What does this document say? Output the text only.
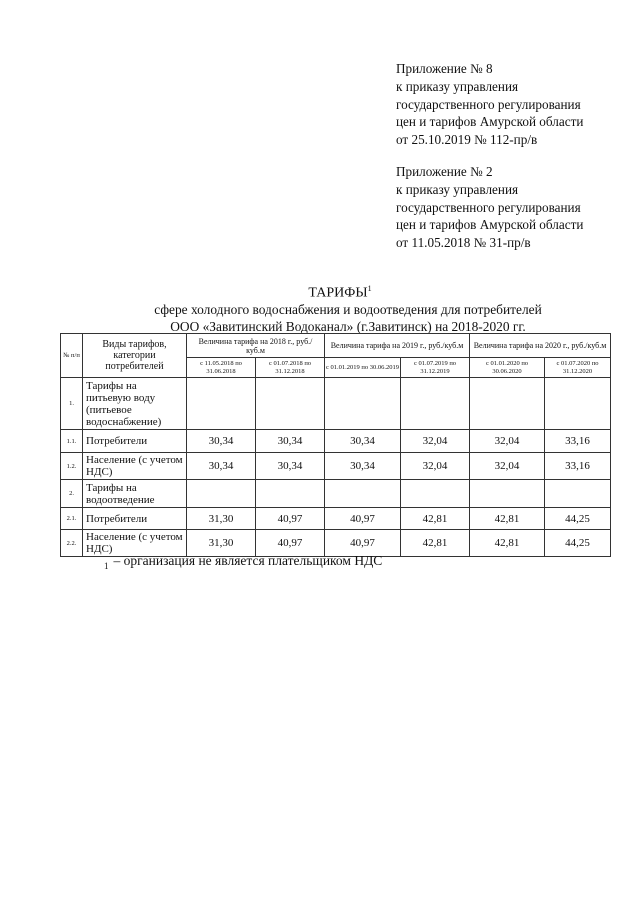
Приложение № 8
к приказу управления
государственного регулирования
цен и тарифов Амурской области
от 25.10.2019 № 112-пр/в
Приложение № 2
к приказу управления
государственного регулирования
цен и тарифов Амурской области
от 11.05.2018 № 31-пр/в
ТАРИФЫ$^1$
сфере холодного водоснабжения и водоотведения для потребителей
ООО «Завитинский Водоканал» (г.Завитинск) на 2018-2020 гг.
№ п/п	Виды тарифов, категории потребителей	Величина тарифа на 2018 г., руб./куб.м		Величина тарифа на 2019 г., руб./куб.м		Величина тарифа на 2020 г., руб./куб.м	
		с 11.05.2018 по 31.06.2018	с 01.07.2018 по 31.12.2018	с 01.01.2019 по 30.06.2019	с 01.07.2019 по 31.12.2019	с 01.01.2020 по 30.06.2020	с 01.07.2020 по 31.12.2020
1.	Тарифы на питьевую воду (питьевое водоснабжение)						
1.1.	Потребители	30,34	30,34	30,34	32,04	32,04	33,16
1.2.	Население (с учетом НДС)	30,34	30,34	30,34	32,04	32,04	33,16
2.	Тарифы на водоотведение						
2.1.	Потребители	31,30	40,97	40,97	42,81	42,81	44,25
2.2.	Население (с учетом НДС)	31,30	40,97	40,97	42,81	42,81	44,25
$_1$ – организация не является плательщиком НДС
